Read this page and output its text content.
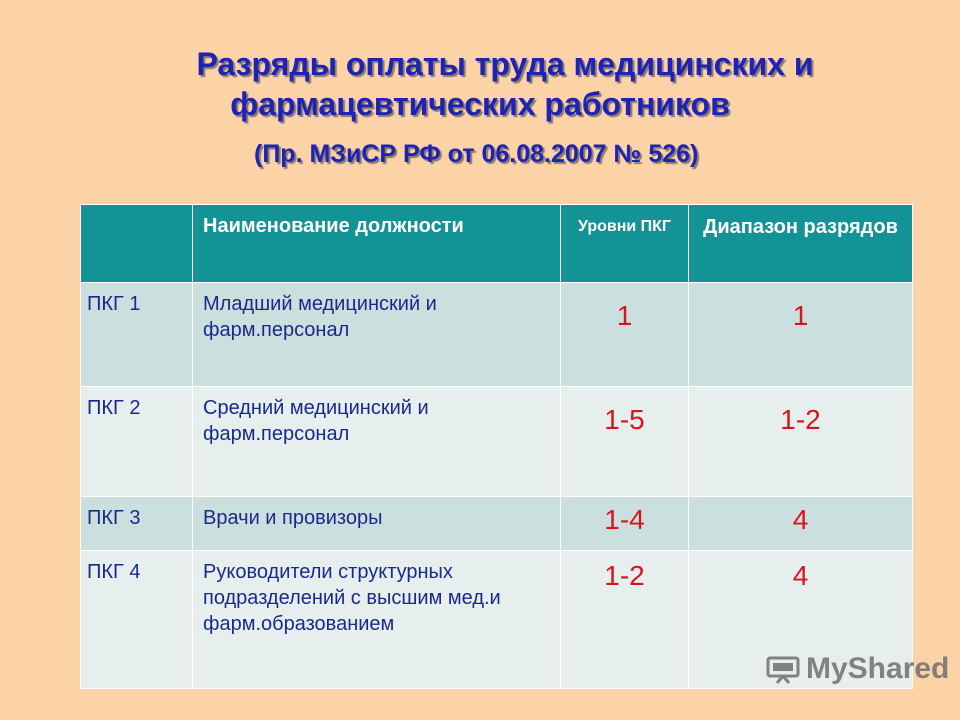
Разряды оплаты труда медицинских и
фармацевтических работников
(Пр. МЗиСР РФ от 06.08.2007 № 526)
	Наименование должности	Уровни ПКГ	Диапазон разрядов
ПКГ 1	Младший медицинский и фарм.персонал	1	1
ПКГ 2	Средний медицинский и фарм.персонал	1-5	1-2
ПКГ 3	Врачи и провизоры	1-4	4
ПКГ 4	Руководители структурных подразделений с высшим мед.и фарм.образованием	1-2	4
MyShared
